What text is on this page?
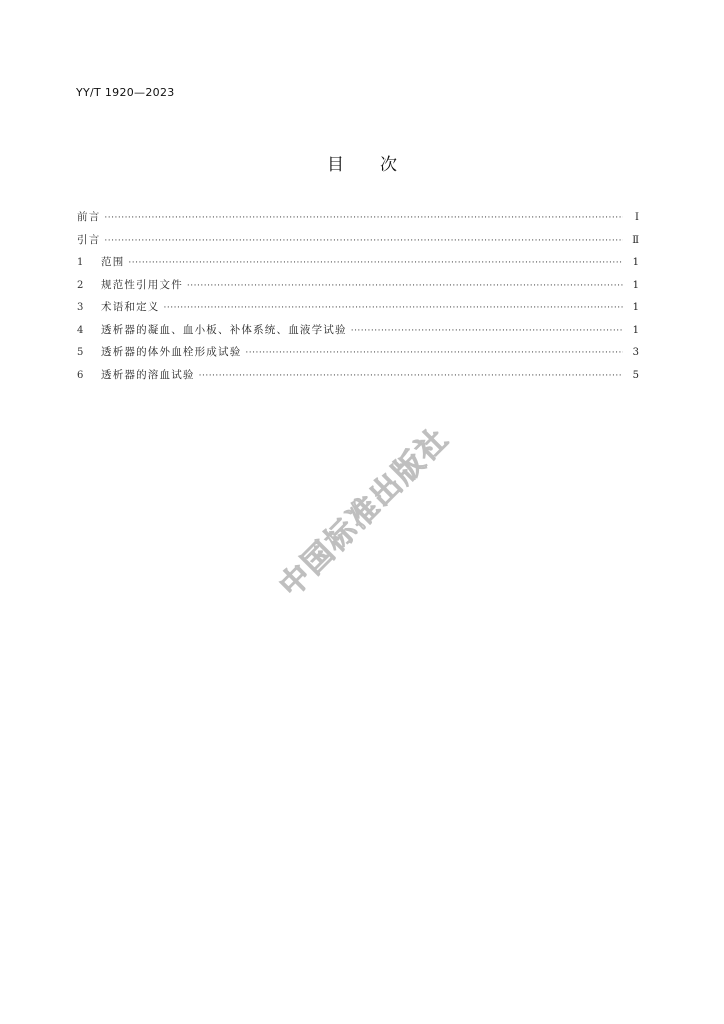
YY/T 1920—2023
目次
前言 ·····	Ⅰ
引言 ·····	Ⅱ
1	范围 ·····	1
2	规范性引用文件 ·····	1
3	术语和定义 ·····	1
4	透析器的凝血、血小板、补体系统、血液学试验 ·····	1
5	透析器的体外血栓形成试验 ·····	3
6	透析器的溶血试验 ·····	5
中国标准出版社
